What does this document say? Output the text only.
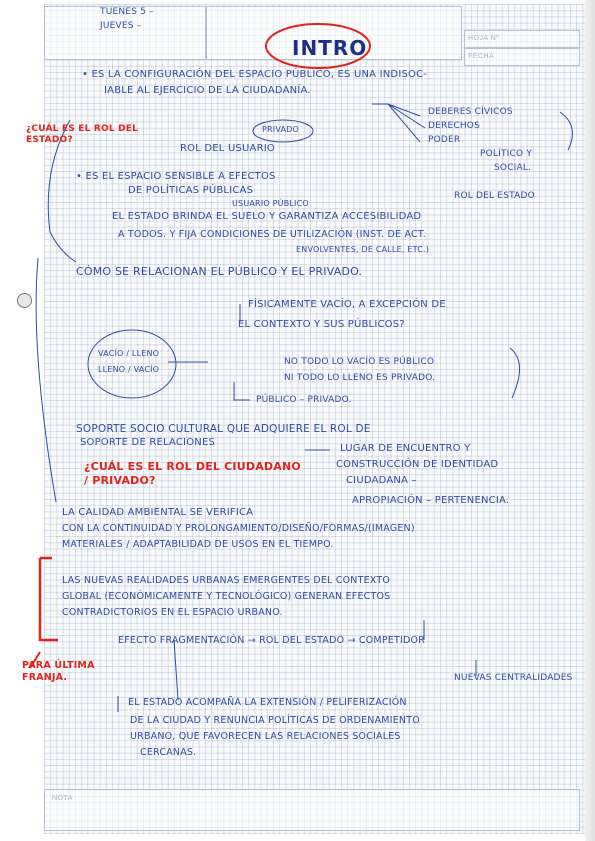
HOJA Nº
FECHA
NOTA
TUENES 5 –
JUEVES –
INTRO
• ES LA CONFIGURACIÓN DEL ESPACIO PÚBLICO, ES UNA INDISOC-
IABLE AL EJERCICIO DE LA CIUDADANÍA.
¿CUÁL ES EL ROL DEL ESTADO?
DEBERES CÍVICOS
DERECHOS
PODER
POLÍTICO Y
SOCIAL.
PRIVADO
ROL DEL USUARIO
• ES EL ESPACIO SENSIBLE A EFECTOS
DE POLÍTICAS PÚBLICAS	ROL DEL ESTADO
USUARIO PÚBLICO
EL ESTADO BRINDA EL SUELO Y GARANTIZA ACCESIBILIDAD
A TODOS. Y FIJA CONDICIONES DE UTILIZACIÓN (INST. DE ACT.
ENVOLVENTES, DE CALLE, ETC.)
CÓMO SE RELACIONAN EL PÚBLICO Y EL PRIVADO.
FÍSICAMENTE VACÍO, A EXCEPCIÓN DE
EL CONTEXTO Y SUS PÚBLICOS?
VACÍO / LLENO
LLENO / VACÍO
NO TODO LO VACÍO ES PÚBLICO
NI TODO LO LLENO ES PRIVADO.
PÚBLICO – PRIVADO.
SOPORTE SOCIO CULTURAL QUE ADQUIERE EL ROL DE
SOPORTE DE RELACIONES
LUGAR DE ENCUENTRO Y
CONSTRUCCIÓN DE IDENTIDAD
CIUDADANA –
¿CUÁL ES EL ROL DEL CIUDADANO / PRIVADO?
APROPIACIÓN – PERTENENCIA.
LA CALIDAD AMBIENTAL SE VERIFICA
CON LA CONTINUIDAD Y PROLONGAMIENTO/DISEÑO/FORMAS/(IMAGEN)
MATERIALES / ADAPTABILIDAD DE USOS EN EL TIEMPO.
LAS NUEVAS REALIDADES URBANAS EMERGENTES DEL CONTEXTO
GLOBAL (ECONÓMICAMENTE Y TECNOLÓGICO) GENERAN EFECTOS
CONTRADICTORIOS EN EL ESPACIO URBANO.
EFECTO FRAGMENTACIÓN → ROL DEL ESTADO → COMPETIDOR
NUEVAS CENTRALIDADES
PARA ÚLTIMA FRANJA.
EL ESTADO ACOMPAÑA LA EXTENSIÓN / PELIFERIZACIÓN
DE LA CIUDAD Y RENUNCIA POLÍTICAS DE ORDENAMIENTO
URBANO, QUE FAVORECEN LAS RELACIONES SOCIALES
CERCANAS.
